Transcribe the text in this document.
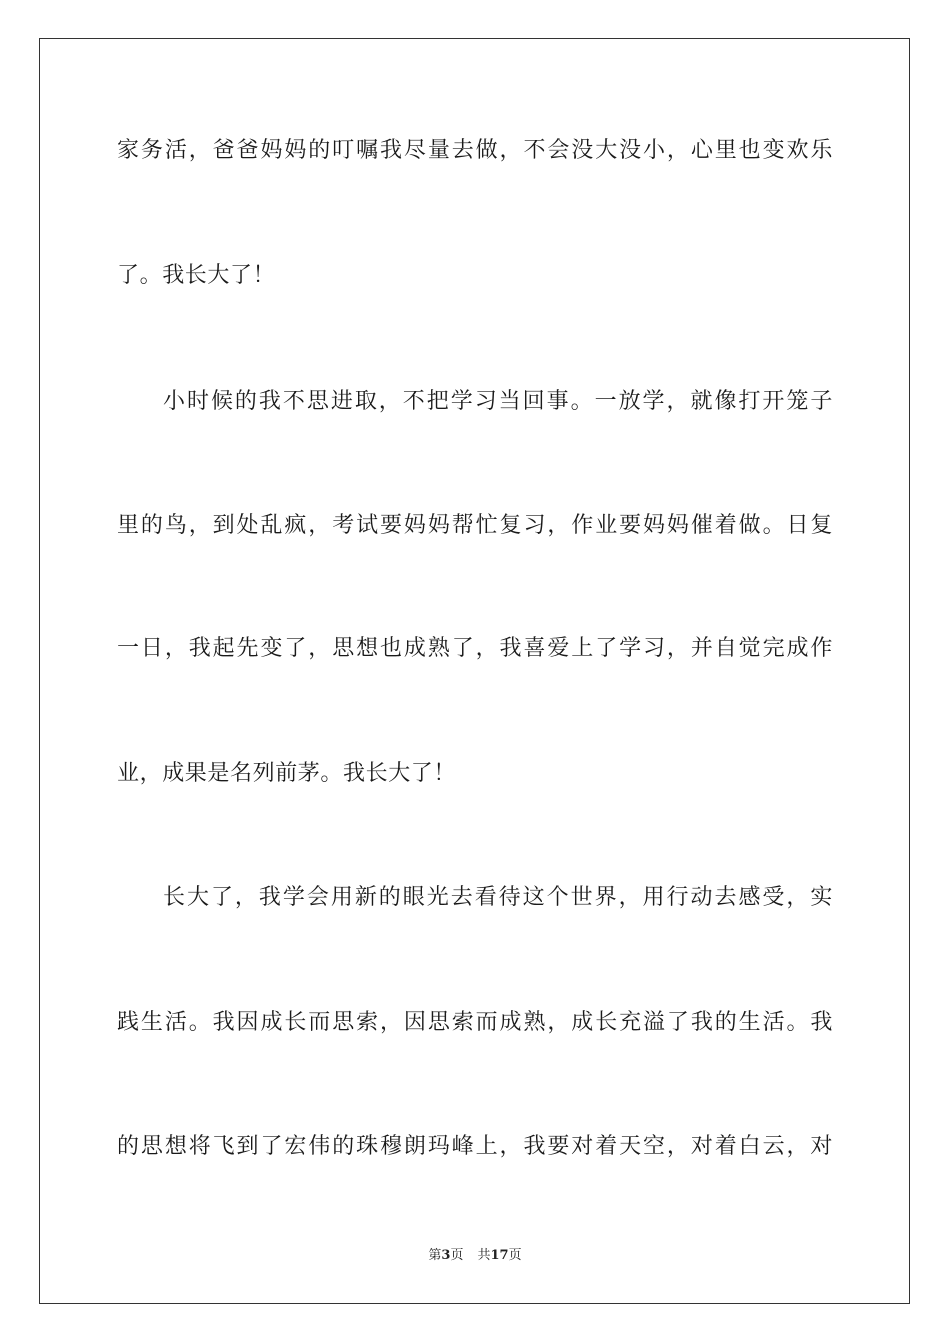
家务活，爸爸妈妈的叮嘱我尽量去做，不会没大没小，心里也变欢乐
了。我长大了！
小时候的我不思进取，不把学习当回事。一放学，就像打开笼子
里的鸟，到处乱疯，考试要妈妈帮忙复习，作业要妈妈催着做。日复
一日，我起先变了，思想也成熟了，我喜爱上了学习，并自觉完成作
业，成果是名列前茅。我长大了！
长大了，我学会用新的眼光去看待这个世界，用行动去感受，实
践生活。我因成长而思索，因思索而成熟，成长充溢了我的生活。我
的思想将飞到了宏伟的珠穆朗玛峰上，我要对着天空，对着白云，对
第3页 共17页
